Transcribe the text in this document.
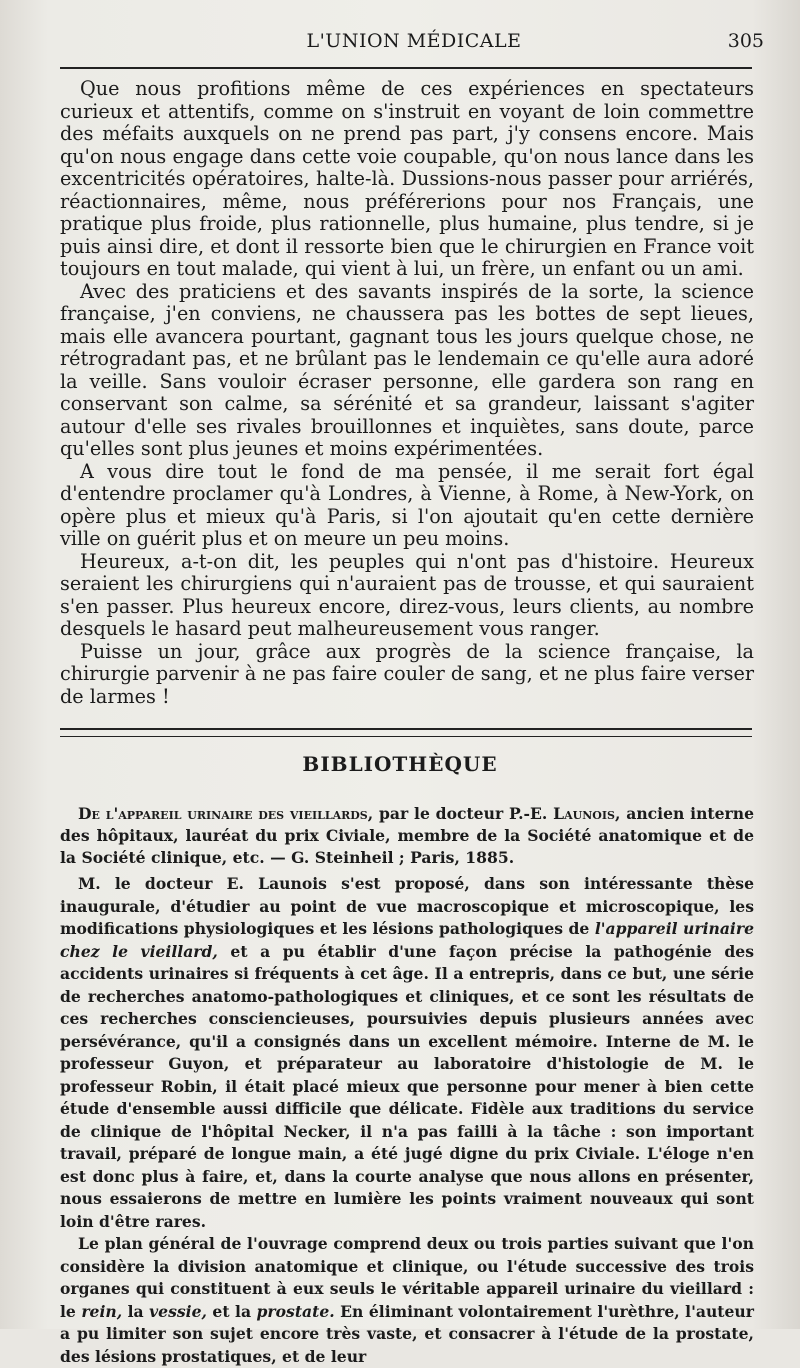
L'UNION MÉDICALE	305

Que nous profitions même de ces expériences en spectateurs curieux et attentifs, comme on s'instruit en voyant de loin commettre des méfaits auxquels on ne prend pas part, j'y consens encore. Mais qu'on nous engage dans cette voie coupable, qu'on nous lance dans les excentricités opératoires, halte-là. Dussions-nous passer pour arriérés, réactionnaires, même, nous préférerions pour nos Français, une pratique plus froide, plus rationnelle, plus humaine, plus tendre, si je puis ainsi dire, et dont il ressorte bien que le chirurgien en France voit toujours en tout malade, qui vient à lui, un frère, un enfant ou un ami.

Avec des praticiens et des savants inspirés de la sorte, la science française, j'en conviens, ne chaussera pas les bottes de sept lieues, mais elle avancera pourtant, gagnant tous les jours quelque chose, ne rétrogradant pas, et ne brûlant pas le lendemain ce qu'elle aura adoré la veille. Sans vouloir écraser personne, elle gardera son rang en conservant son calme, sa sérénité et sa grandeur, laissant s'agiter autour d'elle ses rivales brouillonnes et inquiètes, sans doute, parce qu'elles sont plus jeunes et moins expérimentées.

A vous dire tout le fond de ma pensée, il me serait fort égal d'entendre proclamer qu'à Londres, à Vienne, à Rome, à New-York, on opère plus et mieux qu'à Paris, si l'on ajoutait qu'en cette dernière ville on guérit plus et on meure un peu moins.

Heureux, a-t-on dit, les peuples qui n'ont pas d'histoire. Heureux seraient les chirurgiens qui n'auraient pas de trousse, et qui sauraient s'en passer. Plus heureux encore, direz-vous, leurs clients, au nombre desquels le hasard peut malheureusement vous ranger.

Puisse un jour, grâce aux progrès de la science française, la chirurgie parvenir à ne pas faire couler de sang, et ne plus faire verser de larmes !

BIBLIOTHÈQUE
De l'appareil urinaire des vieillards, par le docteur P.-E. Launois, ancien interne des hôpitaux, lauréat du prix Civiale, membre de la Société anatomique et de la Société clinique, etc. — G. Steinheil ; Paris, 1885.

M. le docteur E. Launois s'est proposé, dans son intéressante thèse inaugurale, d'étudier au point de vue macroscopique et microscopique, les modifications physiologiques et les lésions pathologiques de l'appareil urinaire chez le vieillard, et a pu établir d'une façon précise la pathogénie des accidents urinaires si fréquents à cet âge. Il a entrepris, dans ce but, une série de recherches anatomo-pathologiques et cliniques, et ce sont les résultats de ces recherches consciencieuses, poursuivies depuis plusieurs années avec persévérance, qu'il a consignés dans un excellent mémoire. Interne de M. le professeur Guyon, et préparateur au laboratoire d'histologie de M. le professeur Robin, il était placé mieux que personne pour mener à bien cette étude d'ensemble aussi difficile que délicate. Fidèle aux traditions du service de clinique de l'hôpital Necker, il n'a pas failli à la tâche : son important travail, préparé de longue main, a été jugé digne du prix Civiale. L'éloge n'en est donc plus à faire, et, dans la courte analyse que nous allons en présenter, nous essaierons de mettre en lumière les points vraiment nouveaux qui sont loin d'être rares.

Le plan général de l'ouvrage comprend deux ou trois parties suivant que l'on considère la division anatomique et clinique, ou l'étude successive des trois organes qui constituent à eux seuls le véritable appareil urinaire du vieillard : le rein, la vessie, et la prostate. En éliminant volontairement l'urèthre, l'auteur a pu limiter son sujet encore très vaste, et consacrer à l'étude de la prostate, des lésions prostatiques, et de leur
